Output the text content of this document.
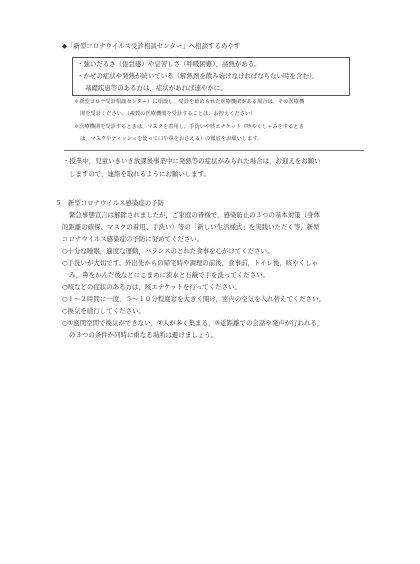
◆「新型コロナウイルス受診相談センター」へ相談するめやす
・強いだるさ（倦怠感）や息苦しさ（呼吸困難）、高熱がある。
・かぜの症状や発熱が続いている（解熱剤を飲み続けなければならない時を含む）。
基礎疾患等のある方は、症状があれば速やかに。
＊新型コロナ受診相談センター）に相談し、受診を勧められた医療機関がある場合は、その医療機
関を受診ください。（複数の医療機関を受診することは、お控えください）
＊医療機関を受診するときは，マスクを着用し，手洗いや咳エチケット（咳やくしゃみをするとき
は，マスクやティッシュを使って口や鼻をおさえる）の徹底をお願いします。
・授業中，児童いきいき放課後事業中に発熱等の症状がみられた場合は，お迎えをお願い
しますので，連絡を取れるようにお願いします。
５　新型コロナウイルス感染症の予防
緊急事態宣言は解除されましたが，ご家庭の皆様で，感染防止の３つの基本対策（身体
的距離の確保、マスクの着用、手洗い）等の「新しい生活様式」を実践いただく等，新型
コロナウイルス感染症の予防に努めてください。
○十分な睡眠，適度な運動，バランスのとれた食事を心がけてください。
○手洗いが大切です。外出先からの帰宅時や調理の前後，食事前，トイレ後，咳やくしゃ
み，鼻をかんだ後などにこまめに流水と石鹸で手を洗ってください。
○咳などの症状のある方は，咳エチケットを行ってください。
○１～２時間に一度，５～１０分程度窓を大きく開け，室内の空気を入れ替えてください。
○換気を励行してください。
○①密閉空間で換気ができない，②人が多く集まる，③近距離での会話や発声が行われる，
の３つの条件が同時に重なる場所は避けましょう。
